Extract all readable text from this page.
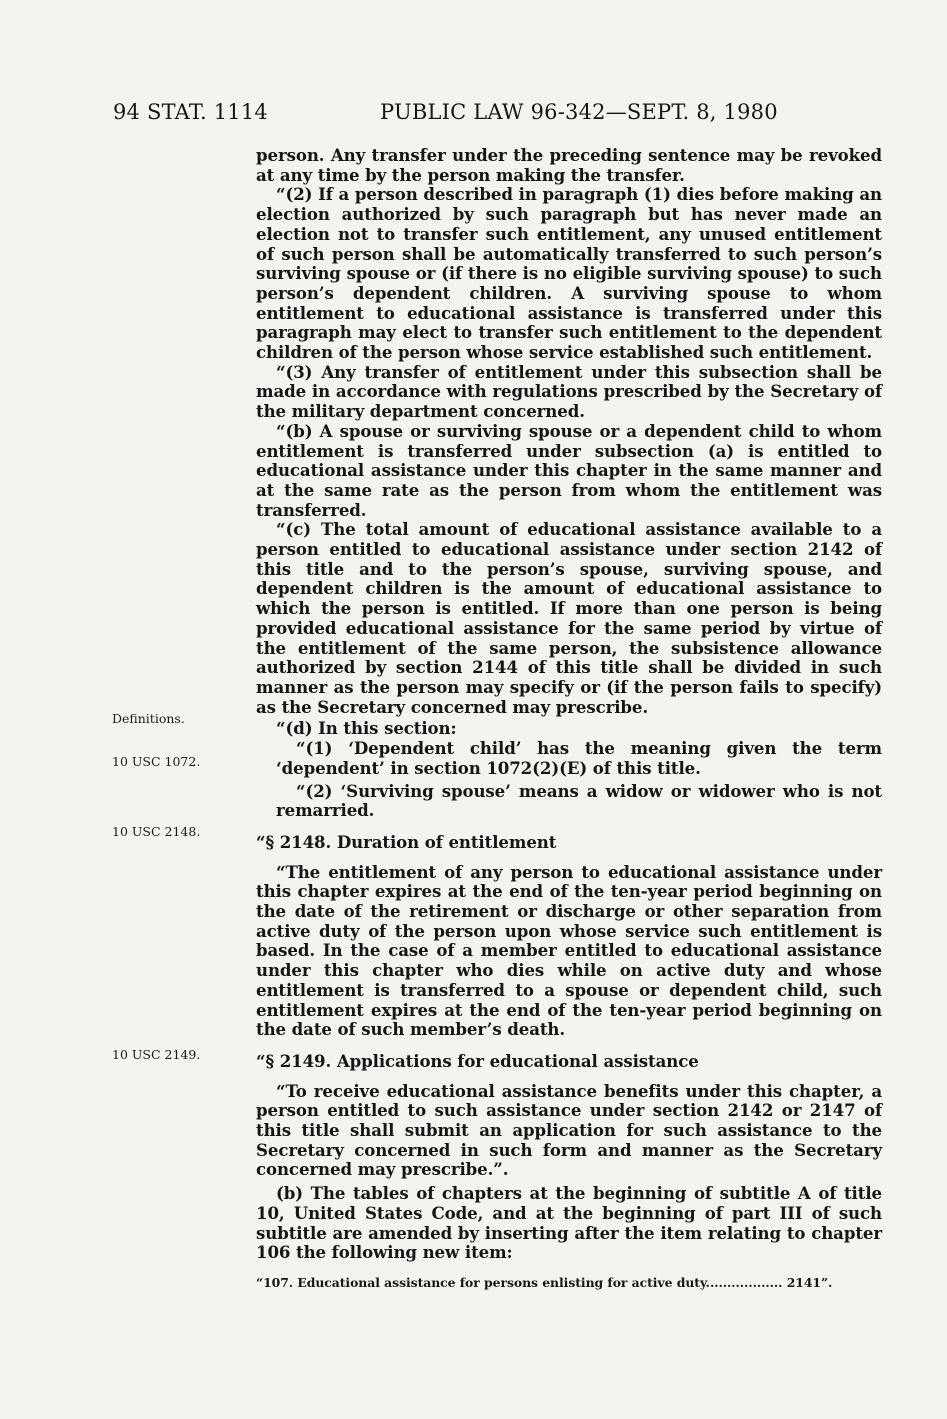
94 STAT. 1114	PUBLIC LAW 96-342—SEPT. 8, 1980
Definitions.
10 USC 1072.
10 USC 2148.
10 USC 2149.

person. Any transfer under the preceding sentence may be revoked at any time by the person making the transfer.

“(2) If a person described in paragraph (1) dies before making an election authorized by such paragraph but has never made an election not to transfer such entitlement, any unused entitlement of such person shall be automatically transferred to such person’s surviving spouse or (if there is no eligible surviving spouse) to such person’s dependent children. A surviving spouse to whom entitlement to educational assistance is transferred under this paragraph may elect to transfer such entitlement to the dependent children of the person whose service established such entitlement.

“(3) Any transfer of entitlement under this subsection shall be made in accordance with regulations prescribed by the Secretary of the military department concerned.

“(b) A spouse or surviving spouse or a dependent child to whom entitlement is transferred under subsection (a) is entitled to educational assistance under this chapter in the same manner and at the same rate as the person from whom the entitlement was transferred.

“(c) The total amount of educational assistance available to a person entitled to educational assistance under section 2142 of this title and to the person’s spouse, surviving spouse, and dependent children is the amount of educational assistance to which the person is entitled. If more than one person is being provided educational assistance for the same period by virtue of the entitlement of the same person, the subsistence allowance authorized by section 2144 of this title shall be divided in such manner as the person may specify or (if the person fails to specify) as the Secretary concerned may prescribe.

“(d) In this section:

“(1) ‘Dependent child’ has the meaning given the term ‘dependent’ in section 1072(2)(E) of this title.

“(2) ‘Surviving spouse’ means a widow or widower who is not remarried.

“§ 2148. Duration of entitlement

“The entitlement of any person to educational assistance under this chapter expires at the end of the ten-year period beginning on the date of the retirement or discharge or other separation from active duty of the person upon whose service such entitlement is based. In the case of a member entitled to educational assistance under this chapter who dies while on active duty and whose entitlement is transferred to a spouse or dependent child, such entitlement expires at the end of the ten-year period beginning on the date of such member’s death.

“§ 2149. Applications for educational assistance

“To receive educational assistance benefits under this chapter, a person entitled to such assistance under section 2142 or 2147 of this title shall submit an application for such assistance to the Secretary concerned in such form and manner as the Secretary concerned may prescribe.”.

(b) The tables of chapters at the beginning of subtitle A of title 10, United States Code, and at the beginning of part III of such subtitle are amended by inserting after the item relating to chapter 106 the following new item:

“107. Educational assistance for persons enlisting for active duty.................. 2141”.
